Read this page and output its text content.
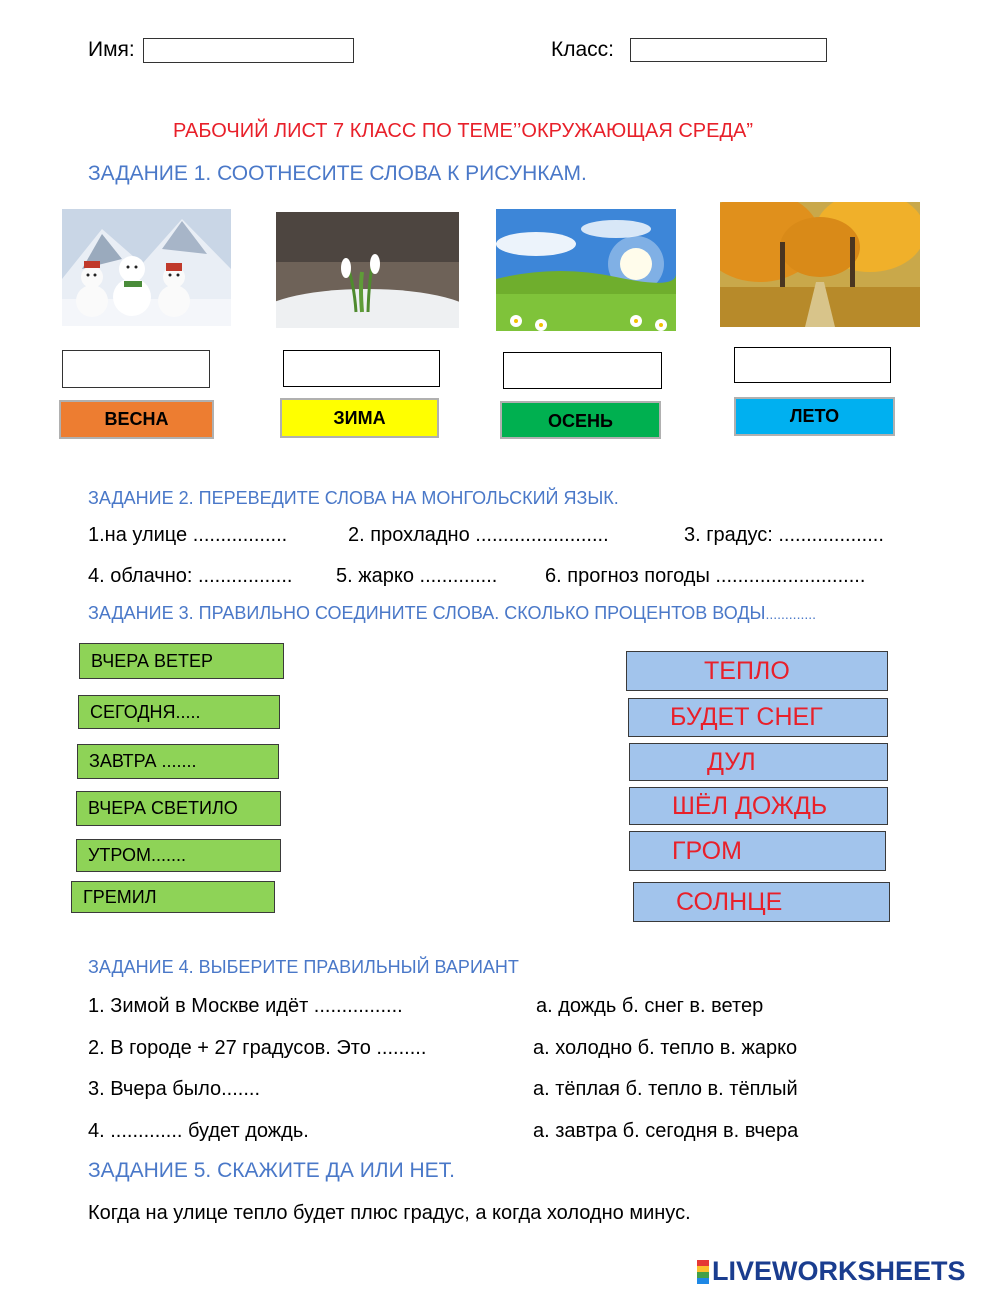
Имя:	Класс:
РАБОЧИЙ ЛИСТ 7 КЛАСС ПО ТЕМЕ’’ОКРУЖАЮЩАЯ СРЕДА”
ЗАДАНИЕ 1. СООТНЕСИТЕ СЛОВА К РИСУНКАМ.
ВЕСНА	ЗИМА	ОСЕНЬ	ЛЕТО
ЗАДАНИЕ 2. ПЕРЕВЕДИТЕ СЛОВА НА МОНГОЛЬСКИЙ ЯЗЫК.
1.на улице .................	2. прохладно ........................	3. градус: ...................
4. облачно: ................. 5. жарко .............. 6. прогноз погоды ...........................
ЗАДАНИЕ 3. ПРАВИЛЬНО СОЕДИНИТЕ СЛОВА. СКОЛЬКО ПРОЦЕНТОВ ВОДЫ.............
ВЧЕРА ВЕТЕР
СЕГОДНЯ.....
ЗАВТРА .......
ВЧЕРА СВЕТИЛО
УТРОМ.......
ГРЕМИЛ
ТЕПЛО
БУДЕТ СНЕГ
ДУЛ
ШЁЛ ДОЖДЬ
ГРОМ
СОЛНЦЕ
ЗАДАНИЕ 4. ВЫБЕРИТЕ ПРАВИЛЬНЫЙ ВАРИАНТ
1. Зимой в Москве идёт ................	а. дождь б. снег в. ветер
2. В городе + 27 градусов. Это .........	а. холодно б. тепло в. жарко
3. Вчера было.......	а. тёплая б. тепло в. тёплый
4. ............. будет дождь.	а. завтра б. сегодня в. вчера
ЗАДАНИЕ 5. СКАЖИТЕ ДА ИЛИ НЕТ.
Когда на улице тепло будет плюс градус, а когда холодно минус.
LIVEWORKSHEETS
